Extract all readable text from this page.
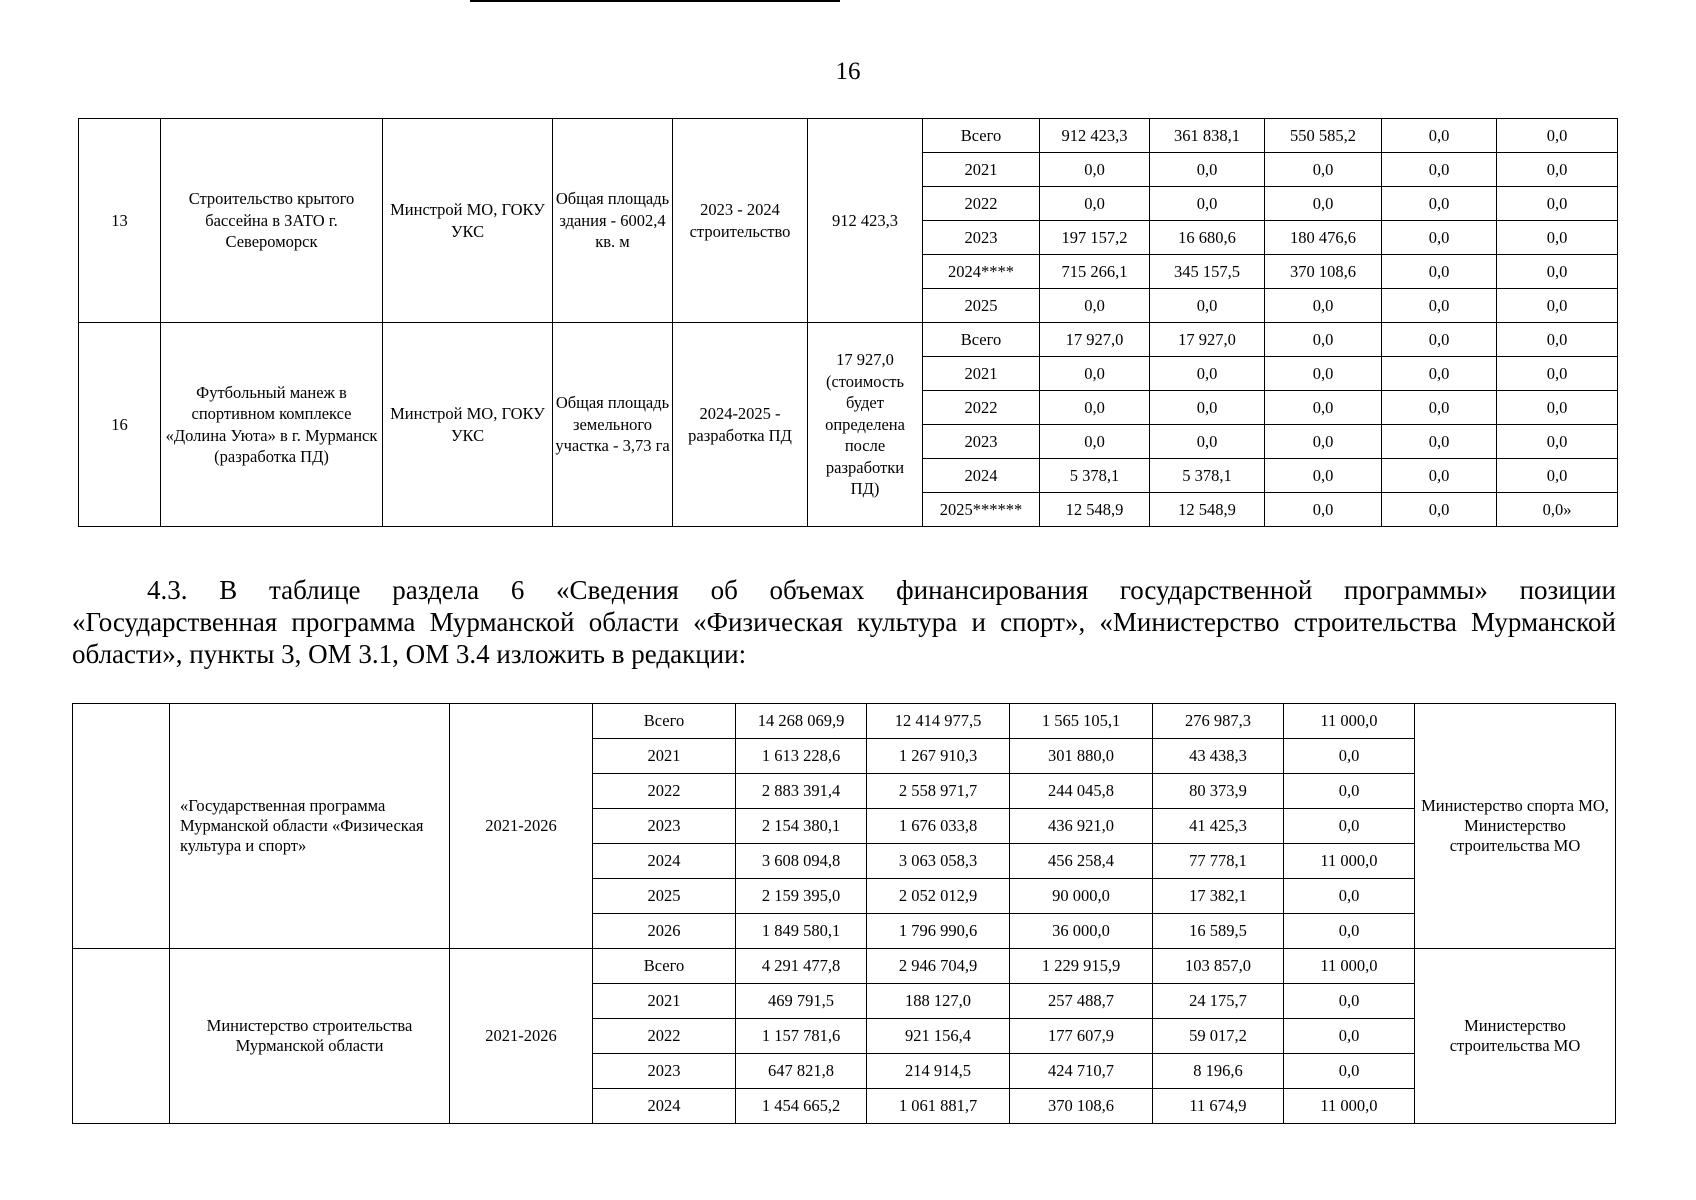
16
13	Строительство крытого бассейна в ЗАТО г. Североморск	Минстрой МО, ГОКУ УКС	Общая площадь здания - 6002,4 кв. м	2023 - 2024 строительство	912 423,3	Всего	912 423,3	361 838,1	550 585,2	0,0	0,0
						2021	0,0	0,0	0,0	0,0	0,0
						2022	0,0	0,0	0,0	0,0	0,0
						2023	197 157,2	16 680,6	180 476,6	0,0	0,0
						2024****	715 266,1	345 157,5	370 108,6	0,0	0,0
						2025	0,0	0,0	0,0	0,0	0,0
16	Футбольный манеж в спортивном комплексе «Долина Уюта» в г. Мурманск (разработка ПД)	Минстрой МО, ГОКУ УКС	Общая площадь земельного участка - 3,73 га	2024-2025 - разработка ПД	17 927,0 (стоимость будет определена после разработки ПД)	Всего	17 927,0	17 927,0	0,0	0,0	0,0
						2021	0,0	0,0	0,0	0,0	0,0
						2022	0,0	0,0	0,0	0,0	0,0
						2023	0,0	0,0	0,0	0,0	0,0
						2024	5 378,1	5 378,1	0,0	0,0	0,0
						2025******	12 548,9	12 548,9	0,0	0,0	0,0»
4.3. В таблице раздела 6 «Сведения об объемах финансирования государственной программы» позиции
«Государственная программа Мурманской области «Физическая культура и спорт», «Министерство строительства Мурманской области», пункты 3, ОМ 3.1, ОМ 3.4 изложить в редакции:
	«Государственная программа Мурманской области «Физическая культура и спорт»	2021-2026	Всего	14 268 069,9	12 414 977,5	1 565 105,1	276 987,3	11 000,0	Министерство спорта МО, Министерство строительства МО
			2021	1 613 228,6	1 267 910,3	301 880,0	43 438,3	0,0	
			2022	2 883 391,4	2 558 971,7	244 045,8	80 373,9	0,0	
			2023	2 154 380,1	1 676 033,8	436 921,0	41 425,3	0,0	
			2024	3 608 094,8	3 063 058,3	456 258,4	77 778,1	11 000,0	
			2025	2 159 395,0	2 052 012,9	90 000,0	17 382,1	0,0	
			2026	1 849 580,1	1 796 990,6	36 000,0	16 589,5	0,0	
	Министерство строительства Мурманской области	2021-2026	Всего	4 291 477,8	2 946 704,9	1 229 915,9	103 857,0	11 000,0	Министерство строительства МО
			2021	469 791,5	188 127,0	257 488,7	24 175,7	0,0	
			2022	1 157 781,6	921 156,4	177 607,9	59 017,2	0,0	
			2023	647 821,8	214 914,5	424 710,7	8 196,6	0,0	
			2024	1 454 665,2	1 061 881,7	370 108,6	11 674,9	11 000,0	
